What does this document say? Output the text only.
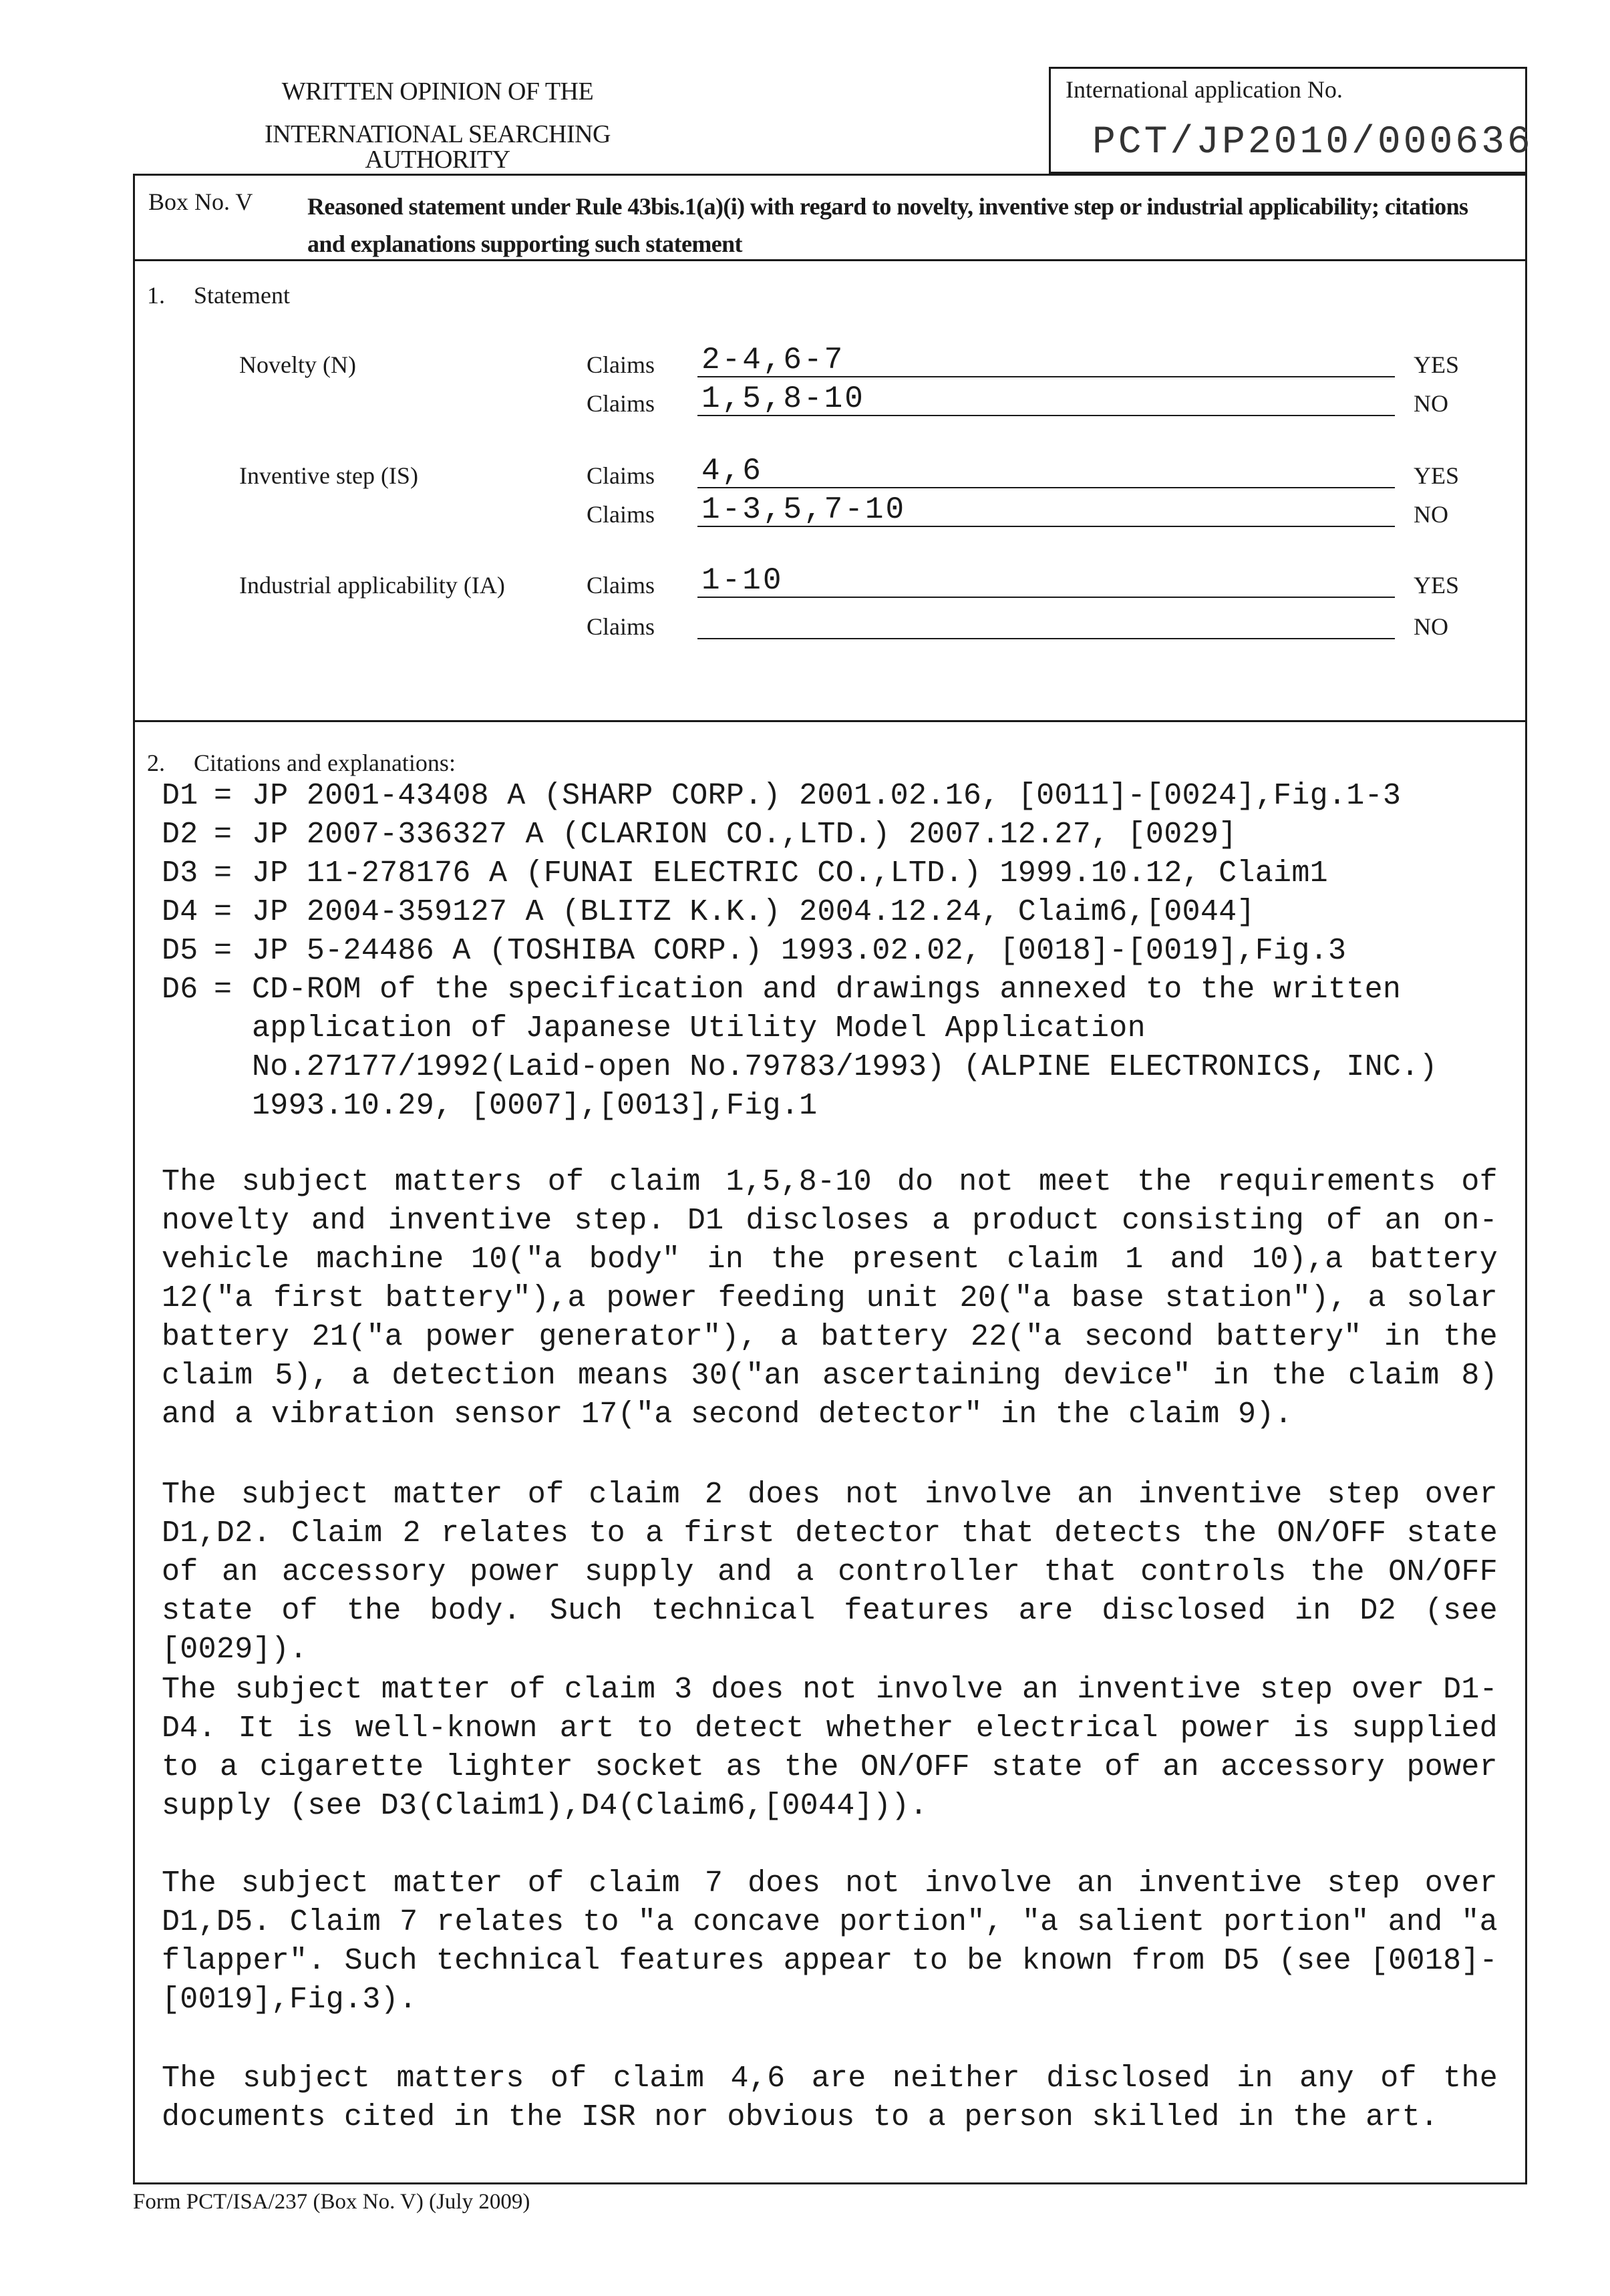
WRITTEN OPINION OF THE
INTERNATIONAL SEARCHING AUTHORITY
International application No.
PCT/JP2010/000636
Box No. V Reasoned statement under Rule 43bis.1(a)(i) with regard to novelty, inventive step or industrial applicability; citations and explanations supporting such statement
1. Statement
Novelty (N)	Claims 2-4,6-7	YES
Claims 1,5,8-10	NO
Inventive step (IS)	Claims 4,6	YES
Claims 1-3,5,7-10	NO
Industrial applicability (IA)	Claims 1-10	YES
Claims	NO
2. Citations and explanations:
D1 = JP 2001-43408 A (SHARP CORP.) 2001.02.16, [0011]-[0024],Fig.1-3
D2 = JP 2007-336327 A (CLARION CO.,LTD.) 2007.12.27, [0029]
D3 = JP 11-278176 A (FUNAI ELECTRIC CO.,LTD.) 1999.10.12, Claim1
D4 = JP 2004-359127 A (BLITZ K.K.) 2004.12.24, Claim6,[0044]
D5 = JP 5-24486 A (TOSHIBA CORP.) 1993.02.02, [0018]-[0019],Fig.3
D6 = CD-ROM of the specification and drawings annexed to the written
application of Japanese Utility Model Application
No.27177/1992(Laid-open No.79783/1993) (ALPINE ELECTRONICS, INC.)
1993.10.29, [0007],[0013],Fig.1
The subject matters of claim 1,5,8-10 do not meet the requirements of novelty and inventive step. D1 discloses a product consisting of an on-vehicle machine 10("a body" in the present claim 1 and 10),a battery 12("a first battery"),a power feeding unit 20("a base station"), a solar battery 21("a power generator"), a battery 22("a second battery" in the claim 5), a detection means 30("an ascertaining device" in the claim 8) and a vibration sensor 17("a second detector" in the claim 9).
The subject matter of claim 2 does not involve an inventive step over D1,D2. Claim 2 relates to a first detector that detects the ON/OFF state of an accessory power supply and a controller that controls the ON/OFF state of the body. Such technical features are disclosed in D2 (see [0029]).
The subject matter of claim 3 does not involve an inventive step over D1-D4. It is well-known art to detect whether electrical power is supplied to a cigarette lighter socket as the ON/OFF state of an accessory power supply (see D3(Claim1),D4(Claim6,[0044])).
The subject matter of claim 7 does not involve an inventive step over D1,D5. Claim 7 relates to "a concave portion", "a salient portion" and "a flapper". Such technical features appear to be known from D5 (see [0018]-[0019],Fig.3).
The subject matters of claim 4,6 are neither disclosed in any of the documents cited in the ISR nor obvious to a person skilled in the art.
Form PCT/ISA/237 (Box No. V) (July 2009)
